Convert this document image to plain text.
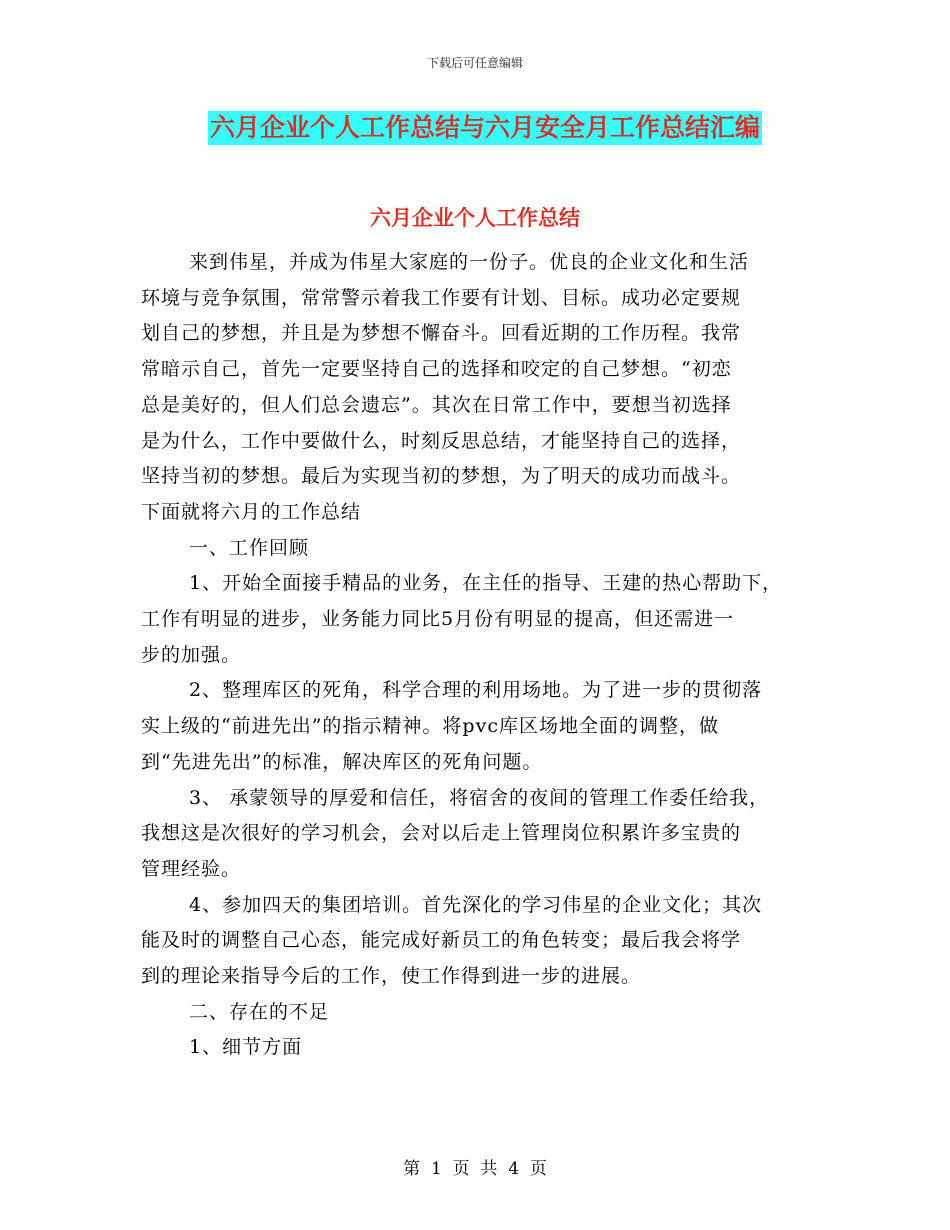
下载后可任意编辑
六月企业个人工作总结与六月安全月工作总结汇编
六月企业个人工作总结

来到伟星，并成为伟星大家庭的一份子。优良的企业文化和生活

环境与竞争氛围，常常警示着我工作要有计划、目标。成功必定要规

划自己的梦想，并且是为梦想不懈奋斗。回看近期的工作历程。我常

常暗示自己，首先一定要坚持自己的选择和咬定的自己梦想。“初恋

总是美好的，但人们总会遗忘”。其次在日常工作中，要想当初选择

是为什么，工作中要做什么，时刻反思总结，才能坚持自己的选择，

坚持当初的梦想。最后为实现当初的梦想，为了明天的成功而战斗。

下面就将六月的工作总结

一、工作回顾

1、开始全面接手精品的业务，在主任的指导、王建的热心帮助下，

工作有明显的进步，业务能力同比5月份有明显的提高，但还需进一

步的加强。

2、整理库区的死角，科学合理的利用场地。为了进一步的贯彻落

实上级的“前进先出”的指示精神。将pvc库区场地全面的调整，做

到“先进先出”的标准，解决库区的死角问题。

3、 承蒙领导的厚爱和信任，将宿舍的夜间的管理工作委任给我，

我想这是次很好的学习机会，会对以后走上管理岗位积累许多宝贵的

管理经验。

4、参加四天的集团培训。首先深化的学习伟星的企业文化；其次

能及时的调整自己心态，能完成好新员工的角色转变；最后我会将学

到的理论来指导今后的工作，使工作得到进一步的进展。

二、存在的不足

1、细节方面

第  1  页  共  4  页
